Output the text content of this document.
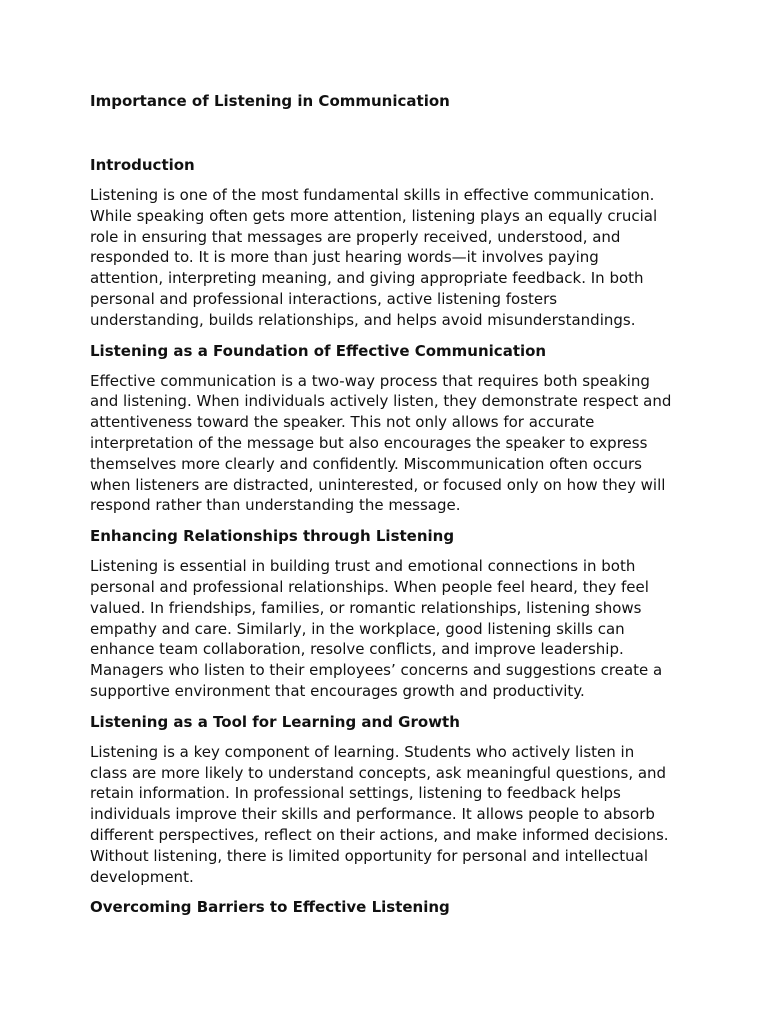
Importance of Listening in Communication
Introduction
Listening is one of the most fundamental skills in effective communication.
While speaking often gets more attention, listening plays an equally crucial
role in ensuring that messages are properly received, understood, and
responded to. It is more than just hearing words—it involves paying
attention, interpreting meaning, and giving appropriate feedback. In both
personal and professional interactions, active listening fosters
understanding, builds relationships, and helps avoid misunderstandings.
Listening as a Foundation of Effective Communication
Effective communication is a two-way process that requires both speaking
and listening. When individuals actively listen, they demonstrate respect and
attentiveness toward the speaker. This not only allows for accurate
interpretation of the message but also encourages the speaker to express
themselves more clearly and confidently. Miscommunication often occurs
when listeners are distracted, uninterested, or focused only on how they will
respond rather than understanding the message.
Enhancing Relationships through Listening
Listening is essential in building trust and emotional connections in both
personal and professional relationships. When people feel heard, they feel
valued. In friendships, families, or romantic relationships, listening shows
empathy and care. Similarly, in the workplace, good listening skills can
enhance team collaboration, resolve conflicts, and improve leadership.
Managers who listen to their employees’ concerns and suggestions create a
supportive environment that encourages growth and productivity.
Listening as a Tool for Learning and Growth
Listening is a key component of learning. Students who actively listen in
class are more likely to understand concepts, ask meaningful questions, and
retain information. In professional settings, listening to feedback helps
individuals improve their skills and performance. It allows people to absorb
different perspectives, reflect on their actions, and make informed decisions.
Without listening, there is limited opportunity for personal and intellectual
development.
Overcoming Barriers to Effective Listening
